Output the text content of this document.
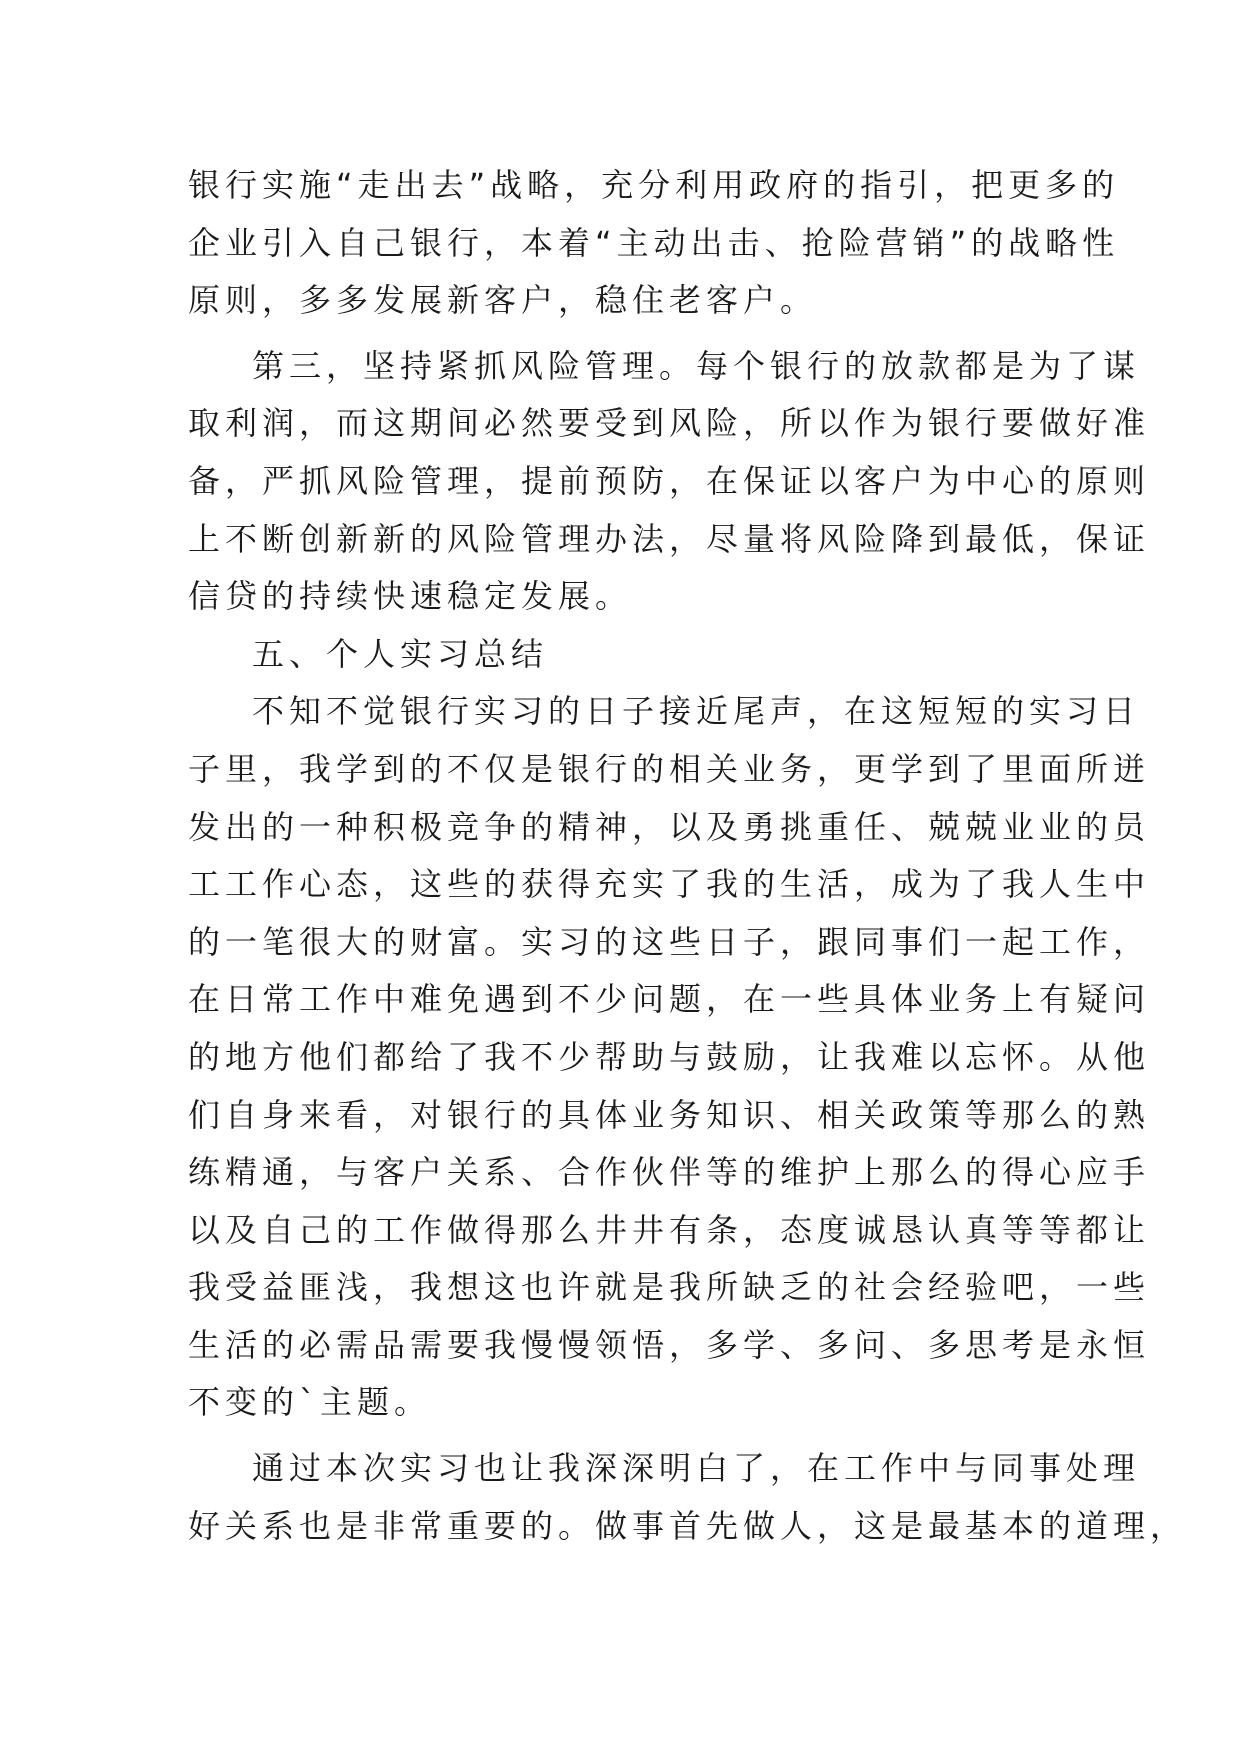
银行实施“走出去”战略，充分利用政府的指引，把更多的
企业引入自己银行，本着“主动出击、抢险营销”的战略性
原则，多多发展新客户，稳住老客户。
第三，坚持紧抓风险管理。每个银行的放款都是为了谋
取利润，而这期间必然要受到风险，所以作为银行要做好准
备，严抓风险管理，提前预防，在保证以客户为中心的原则
上不断创新新的风险管理办法，尽量将风险降到最低，保证
信贷的持续快速稳定发展。
五、个人实习总结
不知不觉银行实习的日子接近尾声，在这短短的实习日
子里，我学到的不仅是银行的相关业务，更学到了里面所迸
发出的一种积极竞争的精神，以及勇挑重任、兢兢业业的员
工工作心态，这些的获得充实了我的生活，成为了我人生中
的一笔很大的财富。实习的这些日子，跟同事们一起工作，
在日常工作中难免遇到不少问题，在一些具体业务上有疑问
的地方他们都给了我不少帮助与鼓励，让我难以忘怀。从他
们自身来看，对银行的具体业务知识、相关政策等那么的熟
练精通，与客户关系、合作伙伴等的维护上那么的得心应手
以及自己的工作做得那么井井有条，态度诚恳认真等等都让
我受益匪浅，我想这也许就是我所缺乏的社会经验吧，一些
生活的必需品需要我慢慢领悟，多学、多问、多思考是永恒
不变的`主题。
通过本次实习也让我深深明白了，在工作中与同事处理
好关系也是非常重要的。做事首先做人，这是最基本的道理，
